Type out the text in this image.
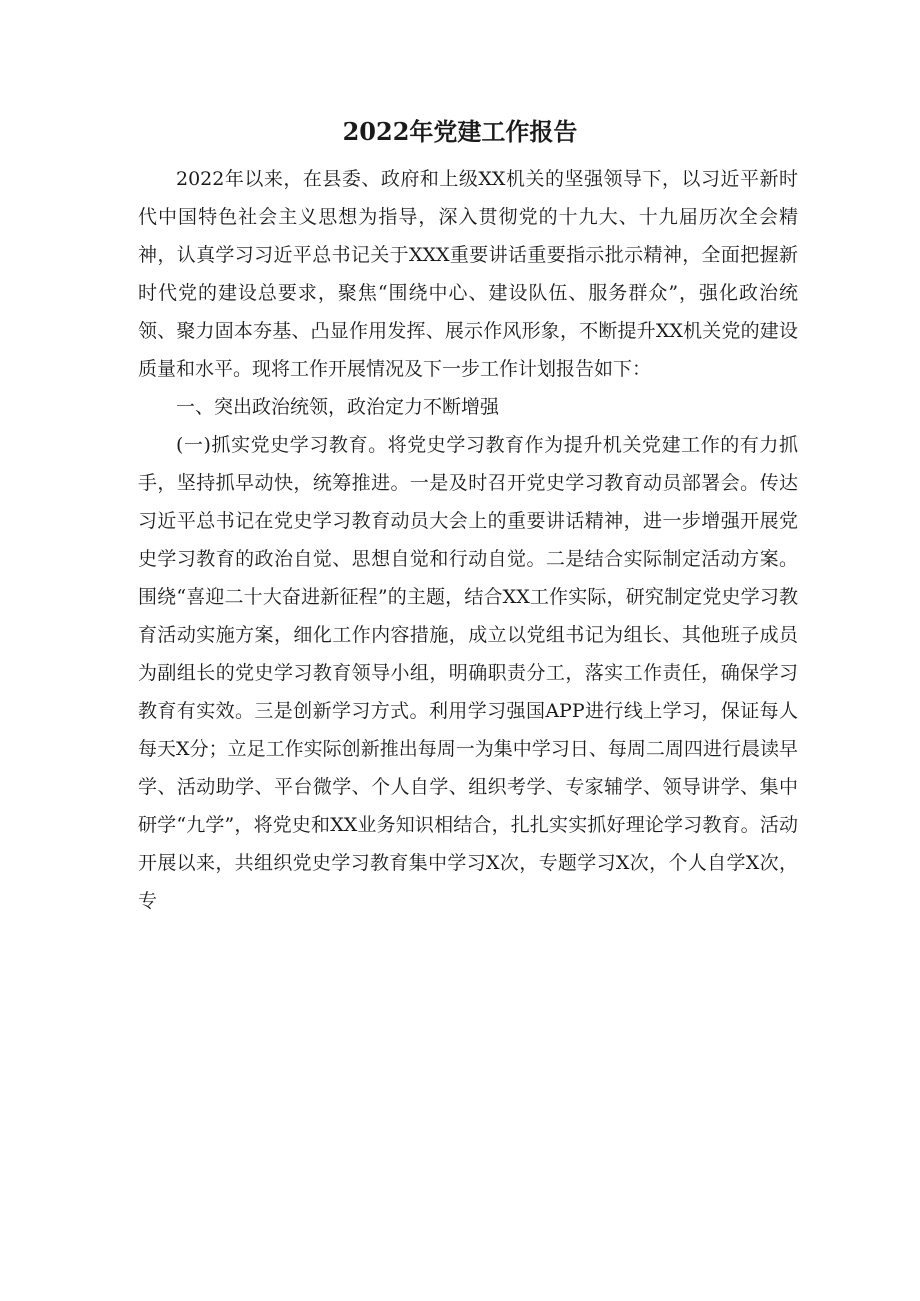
2022年党建工作报告

2022年以来，在县委、政府和上级XX机关的坚强领导下，以习近平新时代中国特色社会主义思想为指导，深入贯彻党的十九大、十九届历次全会精神，认真学习习近平总书记关于XXX重要讲话重要指示批示精神，全面把握新时代党的建设总要求，聚焦“围绕中心、建设队伍、服务群众”，强化政治统领、聚力固本夯基、凸显作用发挥、展示作风形象，不断提升XX机关党的建设质量和水平。现将工作开展情况及下一步工作计划报告如下：

一、突出政治统领，政治定力不断增强

(一)抓实党史学习教育。将党史学习教育作为提升机关党建工作的有力抓手，坚持抓早动快，统筹推进。一是及时召开党史学习教育动员部署会。传达习近平总书记在党史学习教育动员大会上的重要讲话精神，进一步增强开展党史学习教育的政治自觉、思想自觉和行动自觉。二是结合实际制定活动方案。围绕“喜迎二十大奋进新征程”的主题，结合XX工作实际，研究制定党史学习教育活动实施方案，细化工作内容措施，成立以党组书记为组长、其他班子成员为副组长的党史学习教育领导小组，明确职责分工，落实工作责任，确保学习教育有实效。三是创新学习方式。利用学习强国APP进行线上学习，保证每人每天X分；立足工作实际创新推出每周一为集中学习日、每周二周四进行晨读早学、活动助学、平台微学、个人自学、组织考学、专家辅学、领导讲学、集中研学“九学”，将党史和XX业务知识相结合，扎扎实实抓好理论学习教育。活动开展以来，共组织党史学习教育集中学习X次，专题学习X次，个人自学X次，专
